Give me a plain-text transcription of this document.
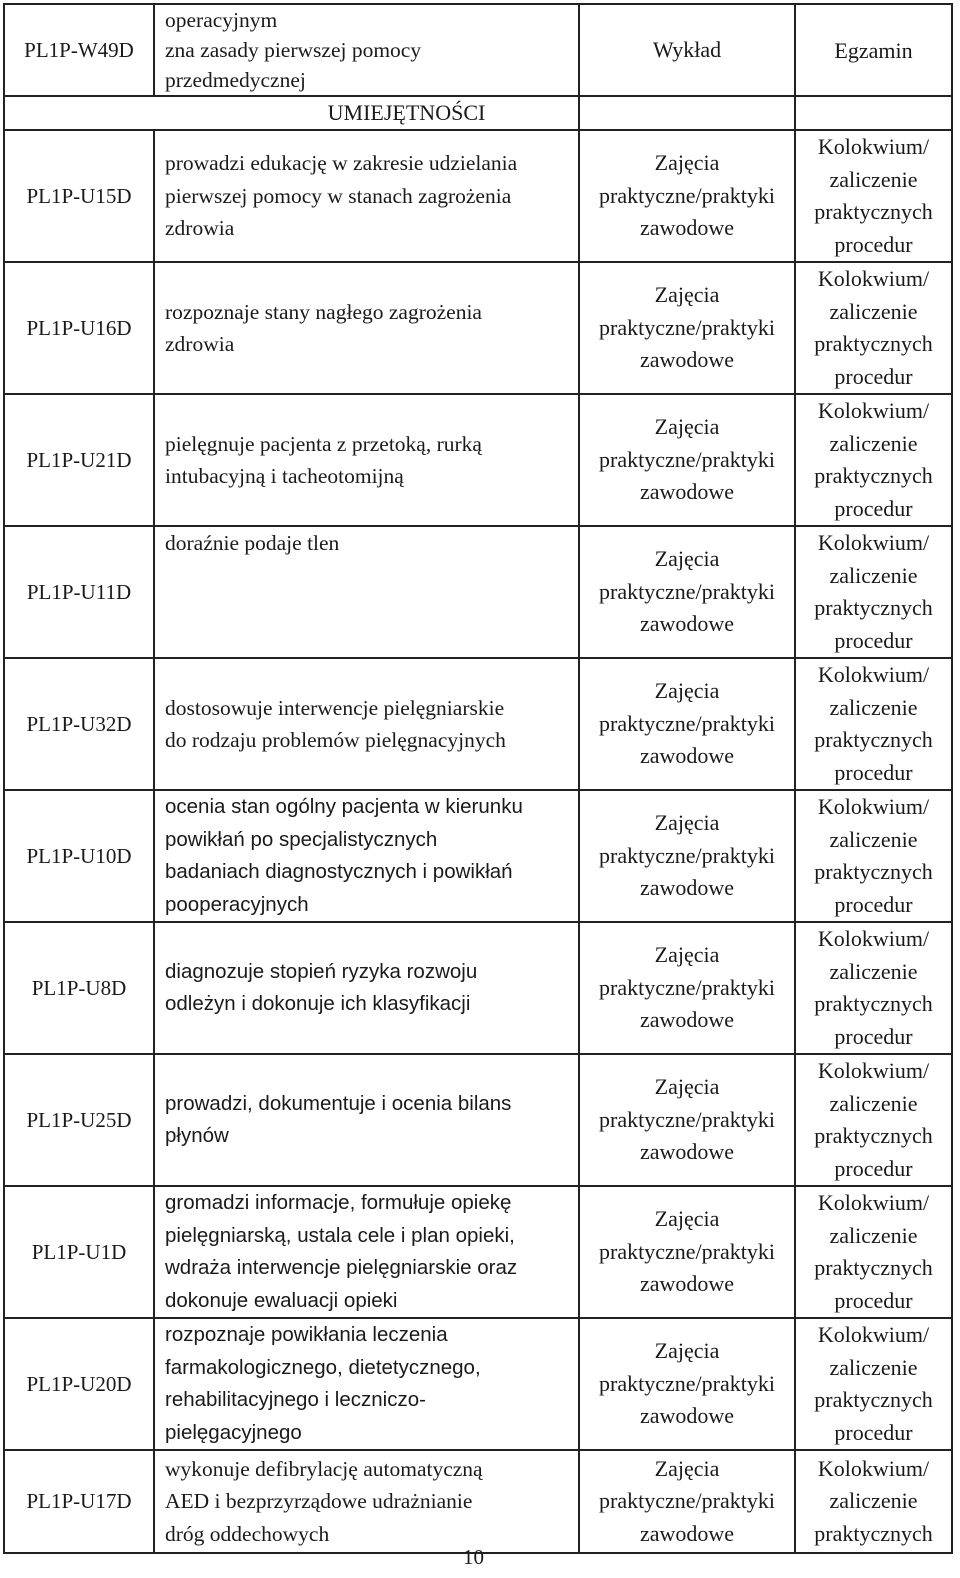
PL1P-W49D	operacyjnym
zna zasady pierwszej pomocy
przedmedycznej	Wykład	Egzamin
UMIEJĘTNOŚCI			
PL1P-U15D	prowadzi edukację w zakresie udzielania
pierwszej pomocy w stanach zagrożenia
zdrowia	Zajęcia
praktyczne/praktyki
zawodowe	Kolokwium/
zaliczenie
praktycznych
procedur

PL1P-U16D	rozpoznaje stany nagłego zagrożenia
zdrowia	Zajęcia
praktyczne/praktyki
zawodowe	Kolokwium/
zaliczenie
praktycznych
procedur

PL1P-U21D	pielęgnuje pacjenta z przetoką, rurką
intubacyjną i tacheotomijną	Zajęcia
praktyczne/praktyki
zawodowe	Kolokwium/
zaliczenie
praktycznych
procedur

PL1P-U11D	doraźnie podaje tlen	Zajęcia
praktyczne/praktyki
zawodowe	Kolokwium/
zaliczenie
praktycznych
procedur

PL1P-U32D	dostosowuje interwencje pielęgniarskie
do rodzaju problemów pielęgnacyjnych	Zajęcia
praktyczne/praktyki
zawodowe	Kolokwium/
zaliczenie
praktycznych
procedur

PL1P-U10D	ocenia stan ogólny pacjenta w kierunku
powikłań po specjalistycznych
badaniach diagnostycznych i powikłań
pooperacyjnych	Zajęcia
praktyczne/praktyki
zawodowe	Kolokwium/
zaliczenie
praktycznych
procedur

PL1P-U8D	diagnozuje stopień ryzyka rozwoju
odleżyn i dokonuje ich klasyfikacji	Zajęcia
praktyczne/praktyki
zawodowe	Kolokwium/
zaliczenie
praktycznych
procedur

PL1P-U25D	prowadzi, dokumentuje i ocenia bilans
płynów	Zajęcia
praktyczne/praktyki
zawodowe	Kolokwium/
zaliczenie
praktycznych
procedur

PL1P-U1D	gromadzi informacje, formułuje opiekę
pielęgniarską, ustala cele i plan opieki,
wdraża interwencje pielęgniarskie oraz
dokonuje ewaluacji opieki	Zajęcia
praktyczne/praktyki
zawodowe	Kolokwium/
zaliczenie
praktycznych
procedur

PL1P-U20D	rozpoznaje powikłania leczenia
farmakologicznego, dietetycznego,
rehabilitacyjnego i leczniczo-
pielęgacyjnego	Zajęcia
praktyczne/praktyki
zawodowe	Kolokwium/
zaliczenie
praktycznych
procedur

PL1P-U17D	wykonuje defibrylację automatyczną
AED i bezprzyrządowe udrażnianie
dróg oddechowych	Zajęcia
praktyczne/praktyki
zawodowe	Kolokwium/
zaliczenie
praktycznych
10
